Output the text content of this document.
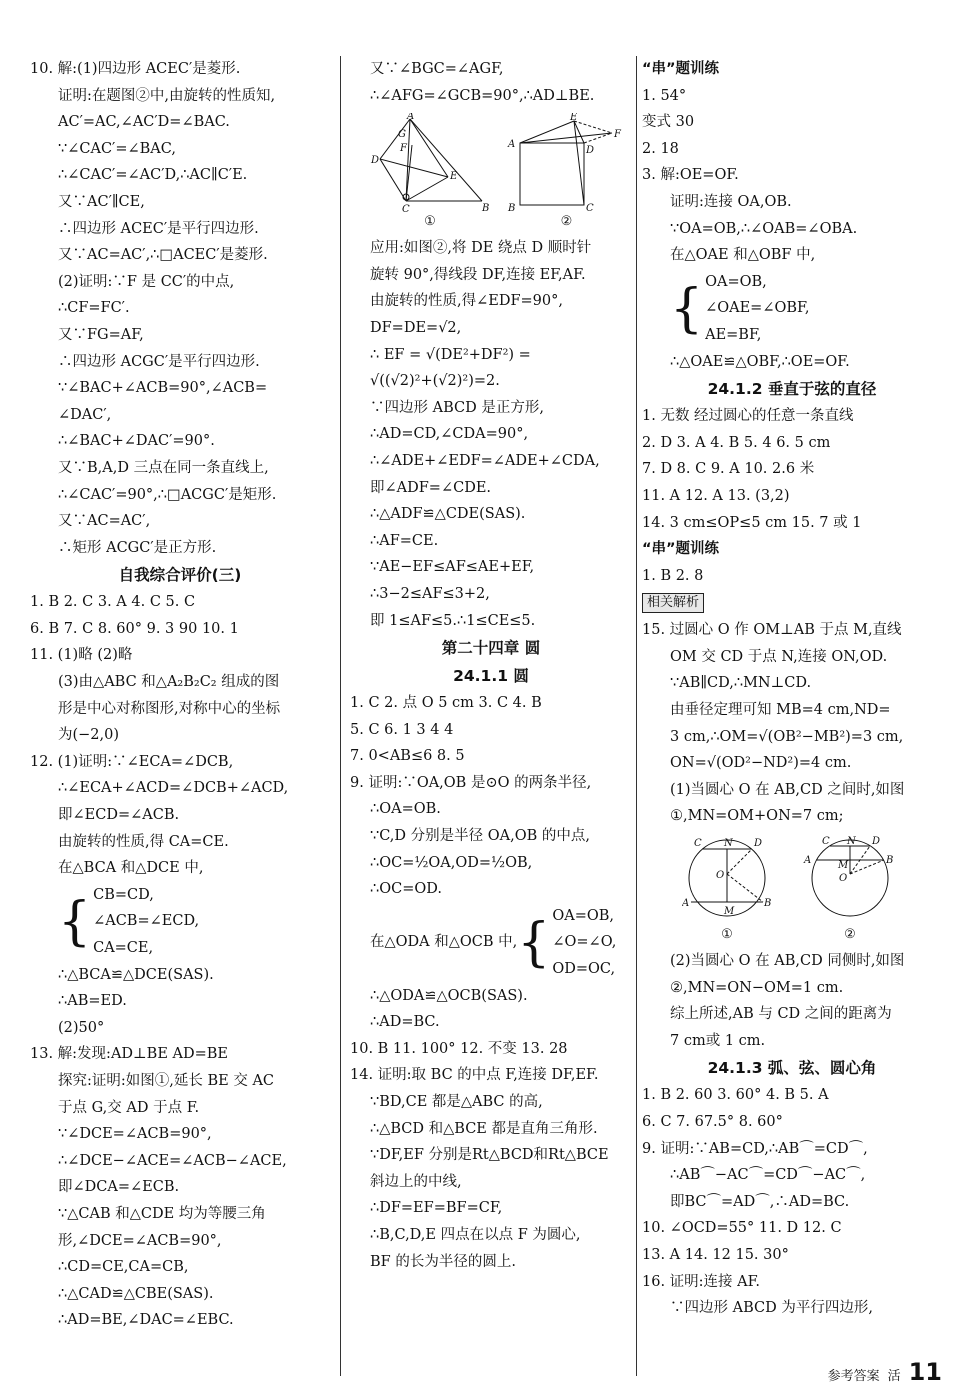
10. 解:(1)四边形 ACEC′是菱形.
证明:在题图②中,由旋转的性质知,
AC′=AC,∠AC′D=∠BAC.
∵∠CAC′=∠BAC,
∴∠CAC′=∠AC′D,∴AC∥C′E.
又∵AC′∥CE,
∴四边形 ACEC′是平行四边形.
又∵AC=AC′,∴□ACEC′是菱形.
(2)证明:∵F 是 CC′的中点,
∴CF=FC′.
又∵FG=AF,
∴四边形 ACGC′是平行四边形.
∵∠BAC+∠ACB=90°,∠ACB=
∠DAC′,
∴∠BAC+∠DAC′=90°.
又∵B,A,D 三点在同一条直线上,
∴∠CAC′=90°,∴□ACGC′是矩形.
又∵AC=AC′,
∴矩形 ACGC′是正方形.
自我综合评价(三)
1. B 2. C 3. A 4. C 5. C
6. B 7. C 8. 60° 9. 3 90 10. 1
11. (1)略 (2)略
(3)由△ABC 和△A₂B₂C₂ 组成的图
形是中心对称图形,对称中心的坐标
为(−2,0)
12. (1)证明:∵∠ECA=∠DCB,
∴∠ECA+∠ACD=∠DCB+∠ACD,
即∠ECD=∠ACB.
由旋转的性质,得 CA=CE.
在△BCA 和△DCE 中,
{ CB=CD,
∠ACB=∠ECD,
CA=CE,
∴△BCA≌△DCE(SAS).
∴AB=ED.
(2)50°
13. 解:发现:AD⊥BE AD=BE
探究:证明:如图①,延长 BE 交 AC
于点 G,交 AD 于点 F.
∵∠DCE=∠ACB=90°,
∴∠DCE−∠ACE=∠ACB−∠ACE,
即∠DCA=∠ECB.
∵△CAB 和△CDE 均为等腰三角
形,∠DCE=∠ACB=90°,
∴CD=CE,CA=CB,
∴△CAD≌△CBE(SAS).
∴AD=BE,∠DAC=∠EBC.
又∵∠BGC=∠AGF,
∴∠AFG=∠GCB=90°,∴AD⊥BE.
A
G
F
D
E
C	B
①
E
A
D
F
B	C
②
应用:如图②,将 DE 绕点 D 顺时针
旋转 90°,得线段 DF,连接 EF,AF.
由旋转的性质,得∠EDF=90°,
DF=DE=√2,
∴ EF = √(DE²+DF²) =
√((√2)²+(√2)²)=2.
∵四边形 ABCD 是正方形,
∴AD=CD,∠CDA=90°,
∴∠ADE+∠EDF=∠ADE+∠CDA,
即∠ADF=∠CDE.
∴△ADF≌△CDE(SAS).
∴AF=CE.
∵AE−EF≤AF≤AE+EF,
∴3−2≤AF≤3+2,
即 1≤AF≤5.∴1≤CE≤5.
第二十四章 圆
24.1.1 圆
1. C 2. 点 O 5 cm 3. C 4. B
5. C 6. 1 3 4 4
7. 0<AB≤6 8. 5
9. 证明:∵OA,OB 是⊙O 的两条半径,
∴OA=OB.
∵C,D 分别是半径 OA,OB 的中点,
∴OC=½OA,OD=½OB,
∴OC=OD.
在△ODA 和△OCB 中, { OA=OB,
∠O=∠O,
OD=OC,
∴△ODA≌△OCB(SAS).
∴AD=BC.
10. B 11. 100° 12. 不变 13. 28
14. 证明:取 BC 的中点 F,连接 DF,EF.
∵BD,CE 都是△ABC 的高,
∴△BCD 和△BCE 都是直角三角形.
∵DF,EF 分别是Rt△BCD和Rt△BCE
斜边上的中线,
∴DF=EF=BF=CF,
∴B,C,D,E 四点在以点 F 为圆心,
BF 的长为半径的圆上.
“串”题训练
1. 54°
变式 30
2. 18
3. 解:OE=OF.
证明:连接 OA,OB.
∵OA=OB,∴∠OAB=∠OBA.
在△OAE 和△OBF 中,
{ OA=OB,
∠OAE=∠OBF,
AE=BF,
∴△OAE≌△OBF,∴OE=OF.
24.1.2 垂直于弦的直径
1. 无数 经过圆心的任意一条直线
2. D 3. A 4. B 5. 4 6. 5 cm
7. D 8. C 9. A 10. 2.6 米
11. A 12. A 13. (3,2)
14. 3 cm≤OP≤5 cm 15. 7 或 1
“串”题训练
1. B 2. 8
相关解析
15. 过圆心 O 作 OM⊥AB 于点 M,直线
OM 交 CD 于点 N,连接 ON,OD.
∵AB∥CD,∴MN⊥CD.
由垂径定理可知 MB=4 cm,ND=
3 cm,∴OM=√(OB²−MB²)=3 cm,
ON=√(OD²−ND²)=4 cm.
(1)当圆心 O 在 AB,CD 之间时,如图
①,MN=OM+ON=7 cm;
C N D
O
A
M
B
①
C N D
A	M	B
O
②
(2)当圆心 O 在 AB,CD 同侧时,如图
②,MN=ON−OM=1 cm.
综上所述,AB 与 CD 之间的距离为
7 cm或 1 cm.
24.1.3 弧、弦、圆心角
1. B 2. 60 3. 60° 4. B 5. A
6. C 7. 67.5° 8. 60°
9. 证明:∵AB=CD,∴AB⌒=CD⌒,
∴AB⌒−AC⌒=CD⌒−AC⌒,
即BC⌒=AD⌒,∴AD=BC.
10. ∠OCD=55° 11. D 12. C
13. A 14. 12 15. 30°
16. 证明:连接 AF.
∵四边形 ABCD 为平行四边形,
参考答案 活 11
